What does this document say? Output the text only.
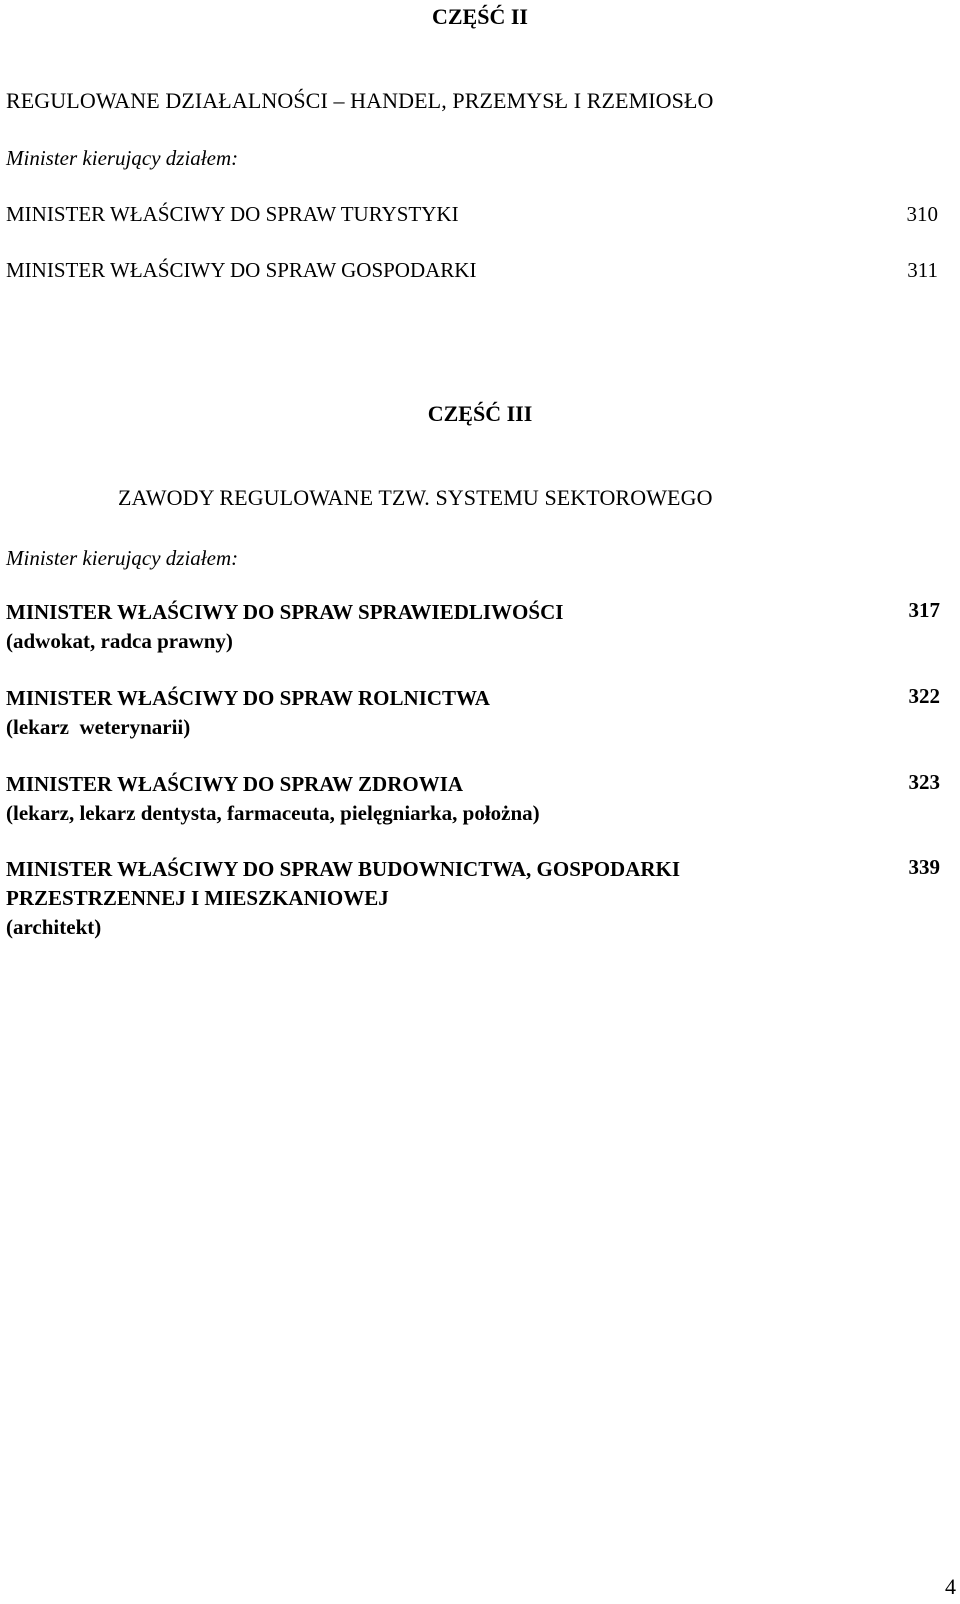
CZĘŚĆ II
REGULOWANE DZIAŁALNOŚCI – HANDEL, PRZEMYSŁ I RZEMIOSŁO
Minister kierujący działem:
MINISTER WŁAŚCIWY DO SPRAW TURYSTYKI	310
MINISTER WŁAŚCIWY DO SPRAW GOSPODARKI	311
CZĘŚĆ III
ZAWODY REGULOWANE TZW. SYSTEMU SEKTOROWEGO
Minister kierujący działem:
MINISTER WŁAŚCIWY DO SPRAW SPRAWIEDLIWOŚCI
(adwokat, radca prawny)
317
MINISTER WŁAŚCIWY DO SPRAW ROLNICTWA
(lekarz  weterynarii)
322
MINISTER WŁAŚCIWY DO SPRAW ZDROWIA
(lekarz, lekarz dentysta, farmaceuta, pielęgniarka, położna)
323
MINISTER WŁAŚCIWY DO SPRAW BUDOWNICTWA, GOSPODARKI
PRZESTRZENNEJ I MIESZKANIOWEJ
(architekt)
339
4
